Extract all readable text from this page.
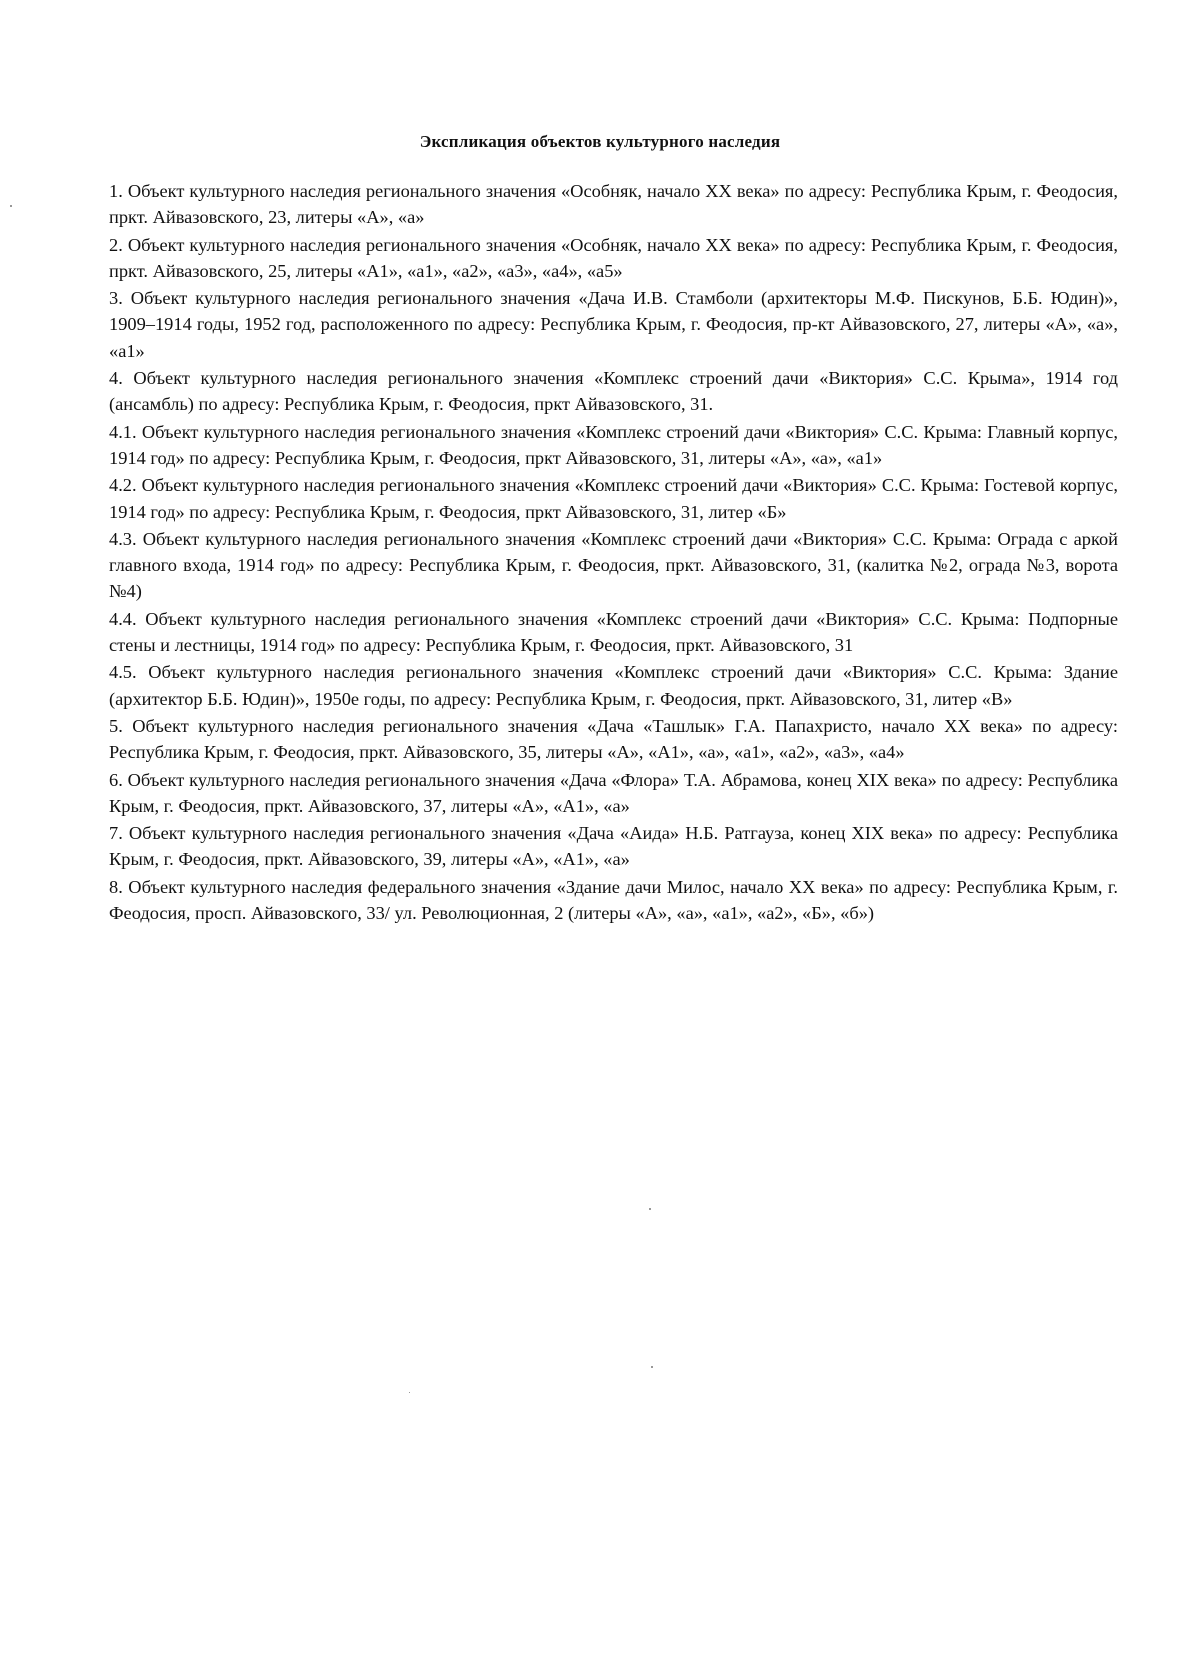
Экспликация объектов культурного наследия

1. Объект культурного наследия регионального значения «Особняк, начало XX века» по адресу: Республика Крым, г. Феодосия, пркт. Айвазовского, 23, литеры «А», «а»

2. Объект культурного наследия регионального значения «Особняк, начало XX века» по адресу: Республика Крым, г. Феодосия, пркт. Айвазовского, 25, литеры «А1», «а1», «а2», «а3», «а4», «а5»

3. Объект культурного наследия регионального значения «Дача И.В. Стамболи (архитекторы М.Ф. Пискунов, Б.Б. Юдин)», 1909–1914 годы, 1952 год, расположенного по адресу: Республика Крым, г. Феодосия, пр-кт Айвазовского, 27, литеры «А», «а», «а1»

4. Объект культурного наследия регионального значения «Комплекс строений дачи «Виктория» С.С. Крыма», 1914 год (ансамбль) по адресу: Республика Крым, г. Феодосия, пркт Айвазовского, 31.

4.1. Объект культурного наследия регионального значения «Комплекс строений дачи «Виктория» С.С. Крыма: Главный корпус, 1914 год» по адресу: Республика Крым, г. Феодосия, пркт Айвазовского, 31, литеры «А», «а», «а1»

4.2. Объект культурного наследия регионального значения «Комплекс строений дачи «Виктория» С.С. Крыма: Гостевой корпус, 1914 год» по адресу: Республика Крым, г. Феодосия, пркт Айвазовского, 31, литер «Б»

4.3. Объект культурного наследия регионального значения «Комплекс строений дачи «Виктория» С.С. Крыма: Ограда с аркой главного входа, 1914 год» по адресу: Республика Крым, г. Феодосия, пркт. Айвазовского, 31, (калитка №2, ограда №3, ворота №4)

4.4. Объект культурного наследия регионального значения «Комплекс строений дачи «Виктория» С.С. Крыма: Подпорные стены и лестницы, 1914 год» по адресу: Республика Крым, г. Феодосия, пркт. Айвазовского, 31

4.5. Объект культурного наследия регионального значения «Комплекс строений дачи «Виктория» С.С. Крыма: Здание (архитектор Б.Б. Юдин)», 1950е годы, по адресу: Республика Крым, г. Феодосия, пркт. Айвазовского, 31, литер «В»

5. Объект культурного наследия регионального значения «Дача «Ташлык» Г.А. Папахристо, начало XX века» по адресу: Республика Крым, г. Феодосия, пркт. Айвазовского, 35, литеры «А», «А1», «а», «а1», «а2», «а3», «а4»

6. Объект культурного наследия регионального значения «Дача «Флора» Т.А. Абрамова, конец XIX века» по адресу: Республика Крым, г. Феодосия, пркт. Айвазовского, 37, литеры «А», «А1», «а»

7. Объект культурного наследия регионального значения «Дача «Аида» Н.Б. Ратгауза, конец XIX века» по адресу: Республика Крым, г. Феодосия, пркт. Айвазовского, 39, литеры «А», «А1», «а»

8. Объект культурного наследия федерального значения «Здание дачи Милос, начало XX века» по адресу: Республика Крым, г. Феодосия, просп. Айвазовского, 33/ ул. Революционная, 2 (литеры «А», «а», «а1», «а2», «Б», «б»)
